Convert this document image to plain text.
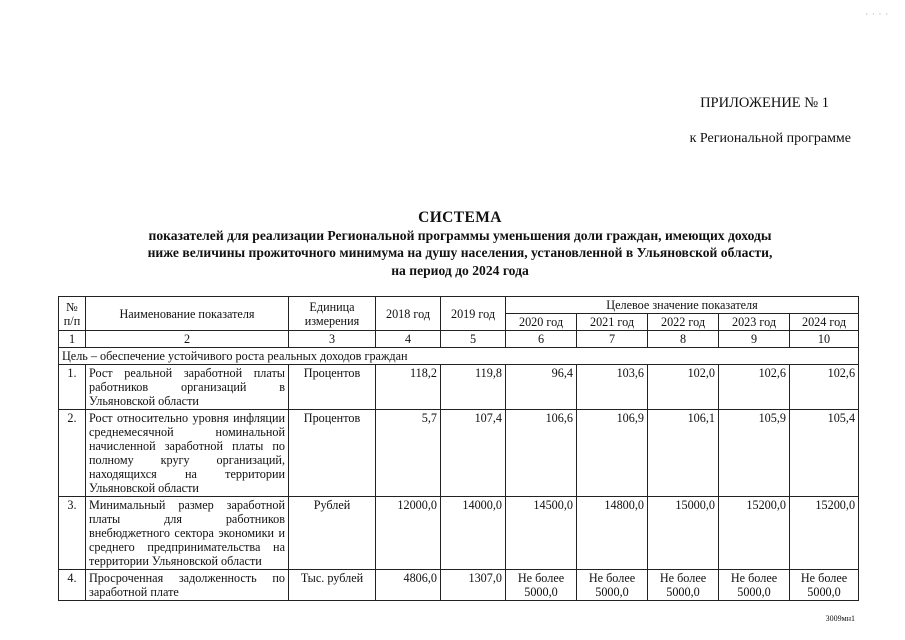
· · · ·
ПРИЛОЖЕНИЕ № 1
к Региональной программе
СИСТЕМА
показателей для реализации Региональной программы уменьшения доли граждан, имеющих доходы
ниже величины прожиточного минимума на душу населения, установленной в Ульяновской области,
на период до 2024 года
№ п/п	Наименование показателя	Единица измерения	2018 год	2019 год	Целевое значение показателя				
					2020 год	2021 год	2022 год	2023 год	2024 год
1	2	3	4	5	6	7	8	9	10
Цель – обеспечение устойчивого роста реальных доходов граждан									
1.	Рост реальной заработной платы работников организаций в Ульяновской области	Процентов	118,2	119,8	96,4	103,6	102,0	102,6	102,6
2.	Рост относительно уровня инфляции среднемесячной номинальной начисленной заработной платы по полному кругу организаций, находящихся на территории Ульяновской области	Процентов	5,7	107,4	106,6	106,9	106,1	105,9	105,4
3.	Минимальный размер заработной платы для работников внебюджетного сектора экономики и среднего предпринимательства на территории Ульяновской области	Рублей	12000,0	14000,0	14500,0	14800,0	15000,0	15200,0	15200,0
4.	Просроченная задолженность по заработной плате	Тыс. рублей	4806,0	1307,0	Не более 5000,0	Не более 5000,0	Не более 5000,0	Не более 5000,0	Не более 5000,0
3009мн1
